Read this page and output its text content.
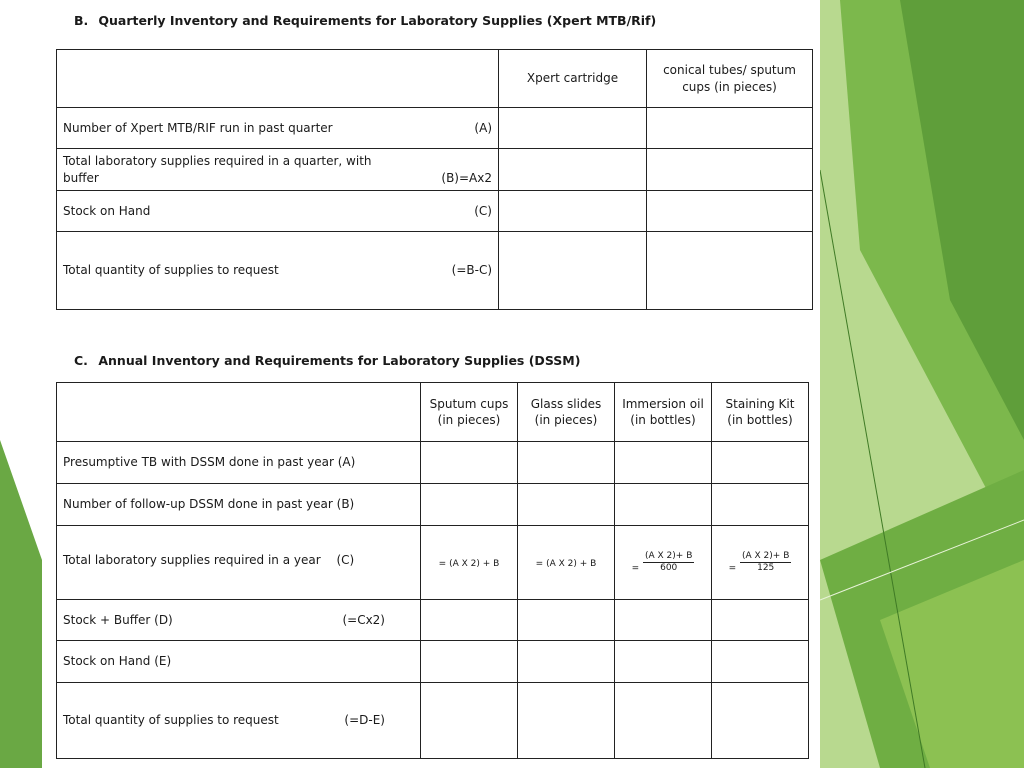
B. Quarterly Inventory and Requirements for Laboratory Supplies (Xpert MTB/Rif)
	Xpert cartridge	conical tubes/ sputum cups (in pieces)

Number of Xpert MTB/RIF run in past quarter (A)		

Total laboratory supplies required in a quarter, with buffer (B)=Ax2		

Stock on Hand (C)		

Total quantity of supplies to request (=B-C)		

C. Annual Inventory and Requirements for Laboratory Supplies (DSSM)
	Sputum cups (in pieces)	Glass slides (in pieces)	Immersion oil (in bottles)	Staining Kit (in bottles)
Presumptive TB with DSSM done in past year (A)				
Number of follow-up DSSM done in past year (B)				
Total laboratory supplies required in a year (C)	= (A X 2) + B	= (A X 2) + B	= $\frac{\text{(A X 2)+ B}}{600}$	= $\frac{\text{(A X 2)+ B}}{125}$

Stock + Buffer (D) (=Cx2)				

Stock on Hand (E)				

Total quantity of supplies to request (=D-E)				
